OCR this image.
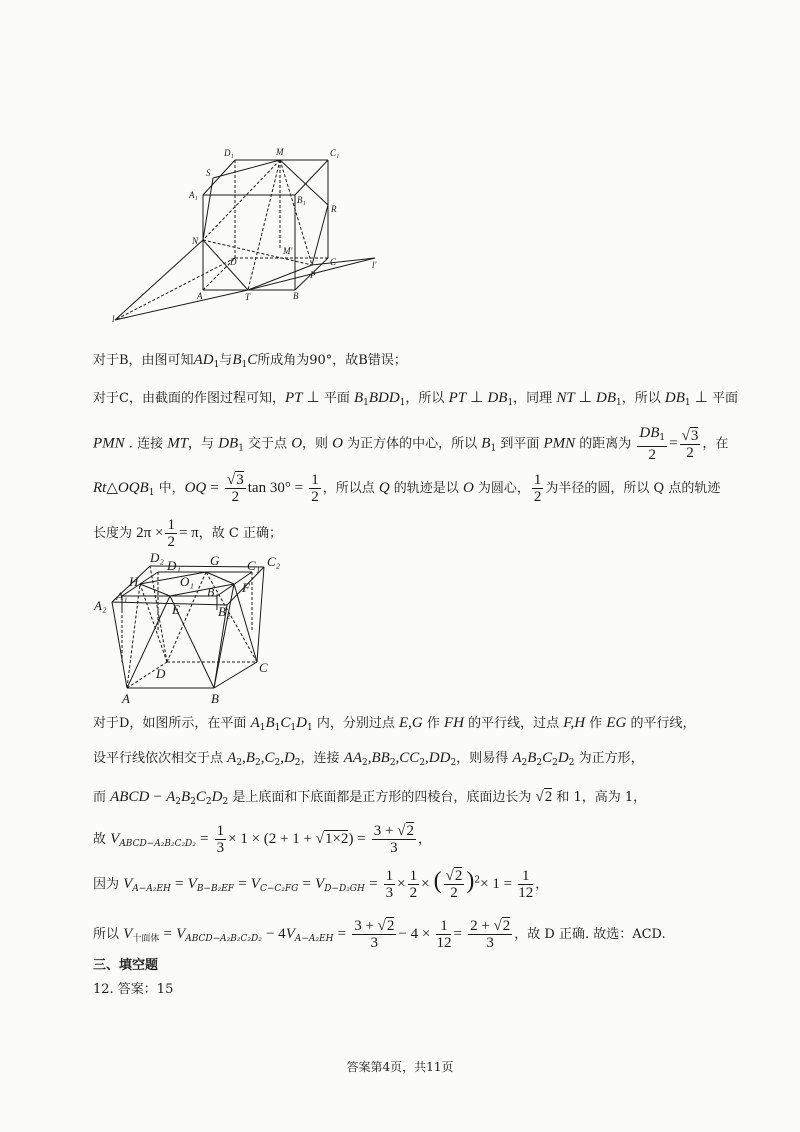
D₁	M	C₁
S
A₁	B₁
R
N
M'
D	C
P
l'
A	T	B
l
对于B，由图可知$AD_1$与$B_1C$所成角为90°，故B错误；
对于C，由截面的作图过程可知，PT ⊥ 平面 $B_1BDD_1$，所以 PT ⊥ $DB_1$，同理 NT ⊥ $DB_1$，所以 $DB_1$ ⊥ 平面
PMN . 连接 MT，与 $DB_1$ 交于点 O，则 O 为正方体的中心，所以 $B_1$ 到平面 PMN 的距离为 $\frac{DB_1}{2} = \frac{√3}{2}$ ，在
$Rt\triangle OQB_1$ 中，OQ = $\frac{√3}{2}$ $\tan 30^\circ = \frac{1}{2}$ ，所以点 Q 的轨迹是以 O 为圆心， $\frac{1}{2}$ 为半径的圆，所以 Q 点的轨迹
长度为 $2\pi \times \frac{1}{2} = \pi$，故 C 正确；
D₂
D₁ G C₁ C₂
H	O₁
A₁	B₁ F
A₂	E	B₂
C
D
A	B
对于D，如图所示，在平面 $A_1B_1C_1D_1$ 内，分别过点 E,G 作 FH 的平行线，过点 F,H 作 EG 的平行线，
设平行线依次相交于点 $A_2,B_2,C_2,D_2$，连接 $AA_2,BB_2,CC_2,DD_2$，则易得 $A_2B_2C_2D_2$ 为正方形，
而 ABCD − $A_2B_2C_2D_2$ 是上底面和下底面都是正方形的四棱台，底面边长为 √2 和 1，高为 1，
故 $V_{ABCD-A_2B_2C_2D_2} = \frac{1}{3} \times 1 \times (2 + 1 + √1\times 2) = \frac{3 + √2}{3}$ ，
因为 $V_{A-A_2EH} = V_{B-B_2EF} = V_{C-C_2FG} = V_{D-D_2GH} = \frac{1}{3} \times \frac{1}{2}$ × ( $\frac{√2}{2} )^2\times 1 = \frac{1}{12}$ ，
所以 $V_{十面体} = V_{ABCD-A_2B_2C_2D_2} - 4V_{A-A_2EH} = \frac{3 + √2}{3} - 4 \times \frac{1}{12} = \frac{2 + √2}{3}$ ，故 D 正确. 故选：ACD.
三、填空题
12. 答案：15
答案第4页，共11页
